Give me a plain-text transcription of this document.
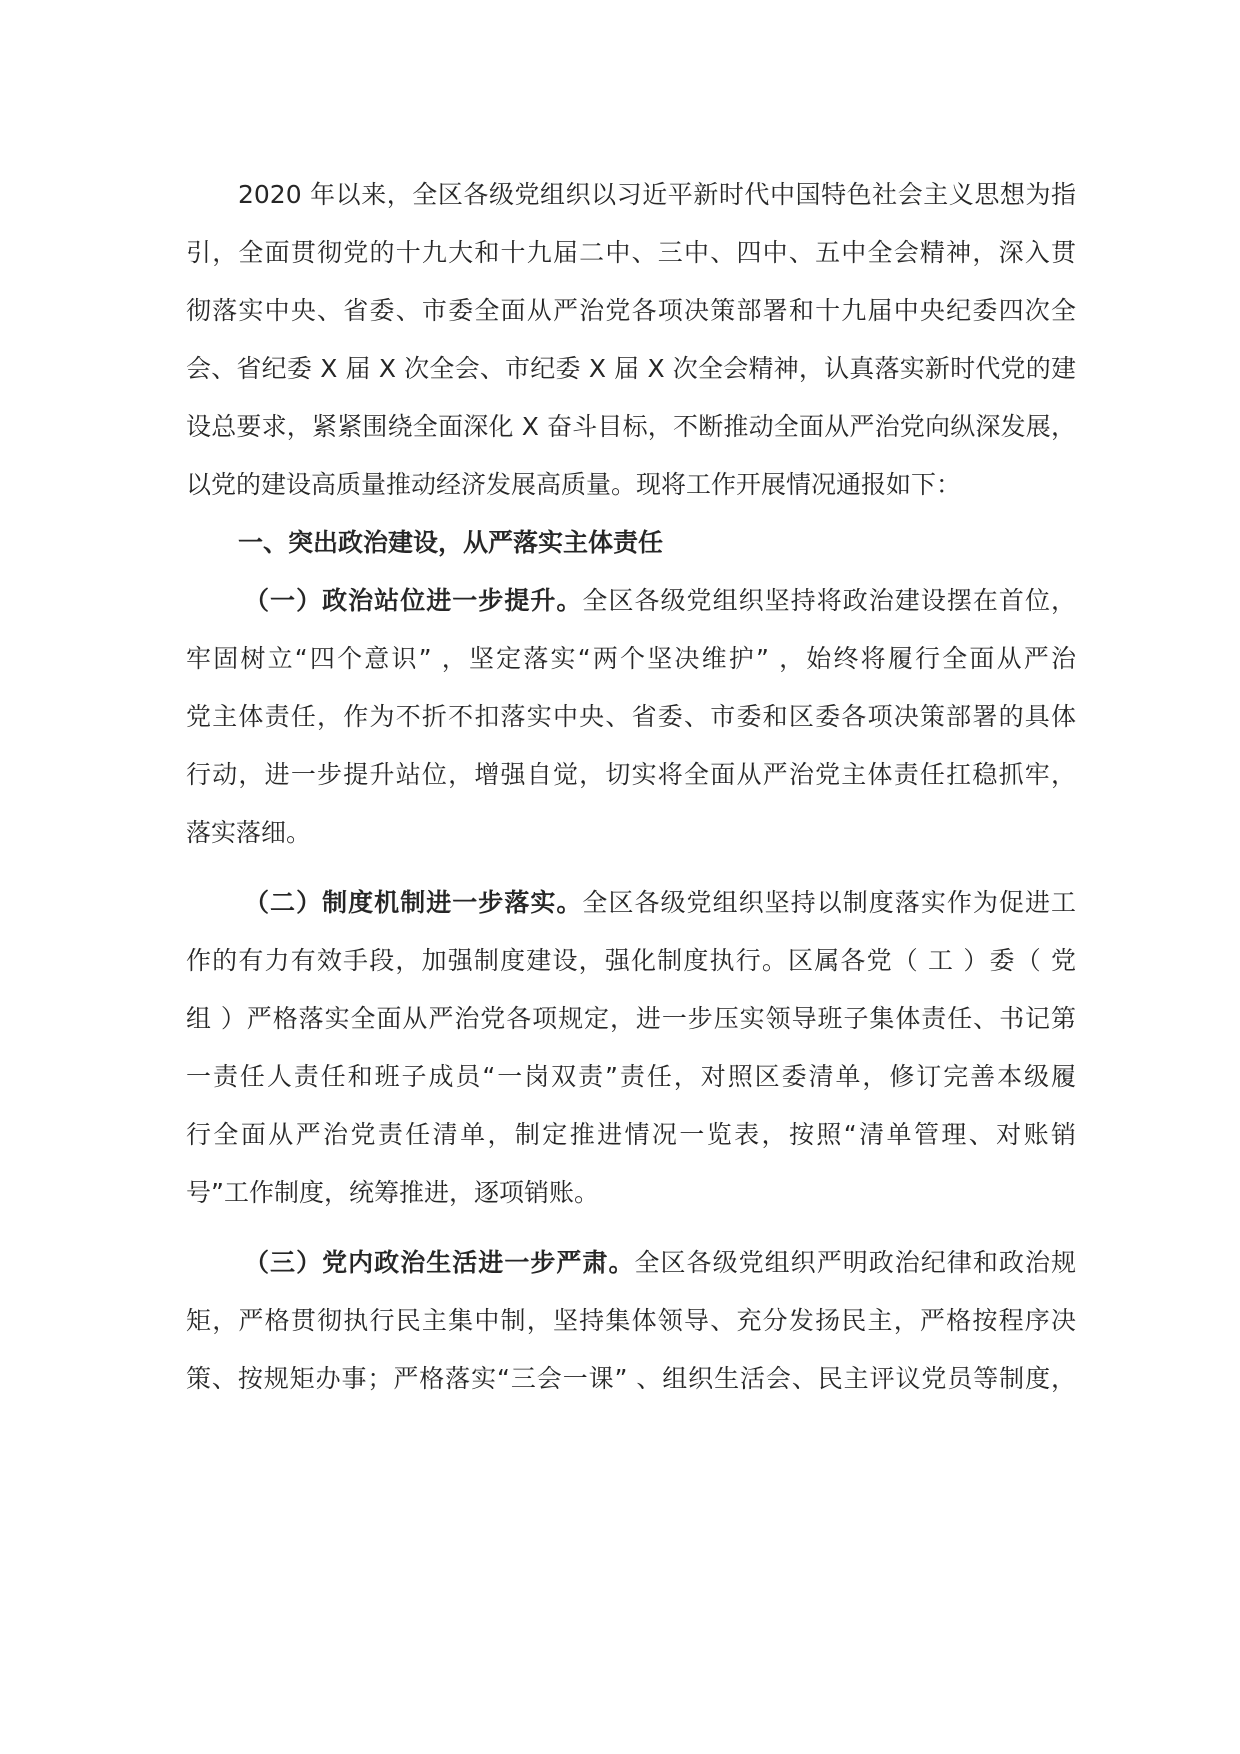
2020 年以来，全区各级党组织以习近平新时代中国特色社会主义思想为指
引，全面贯彻党的十九大和十九届二中、三中、四中、五中全会精神，深入贯
彻落实中央、省委、市委全面从严治党各项决策部署和十九届中央纪委四次全
会、省纪委 X 届 X 次全会、市纪委 X 届 X 次全会精神，认真落实新时代党的建
设总要求，紧紧围绕全面深化 X 奋斗目标，不断推动全面从严治党向纵深发展，
以党的建设高质量推动经济发展高质量。现将工作开展情况通报如下：
一、突出政治建设，从严落实主体责任
（一）政治站位进一步提升。全区各级党组织坚持将政治建设摆在首位，
牢固树立“四个意识” ，坚定落实“两个坚决维护” ，始终将履行全面从严治
党主体责任，作为不折不扣落实中央、省委、市委和区委各项决策部署的具体
行动，进一步提升站位，增强自觉，切实将全面从严治党主体责任扛稳抓牢，
落实落细。
（二）制度机制进一步落实。全区各级党组织坚持以制度落实作为促进工
作的有力有效手段，加强制度建设，强化制度执行。区属各党（ 工 ）委（ 党
组 ）严格落实全面从严治党各项规定，进一步压实领导班子集体责任、书记第
一责任人责任和班子成员“一岗双责”责任，对照区委清单，修订完善本级履
行全面从严治党责任清单，制定推进情况一览表，按照“清单管理、对账销
号”工作制度，统筹推进，逐项销账。
（三）党内政治生活进一步严肃。全区各级党组织严明政治纪律和政治规
矩，严格贯彻执行民主集中制，坚持集体领导、充分发扬民主，严格按程序决
策、按规矩办事；严格落实“三会一课” 、组织生活会、民主评议党员等制度，
